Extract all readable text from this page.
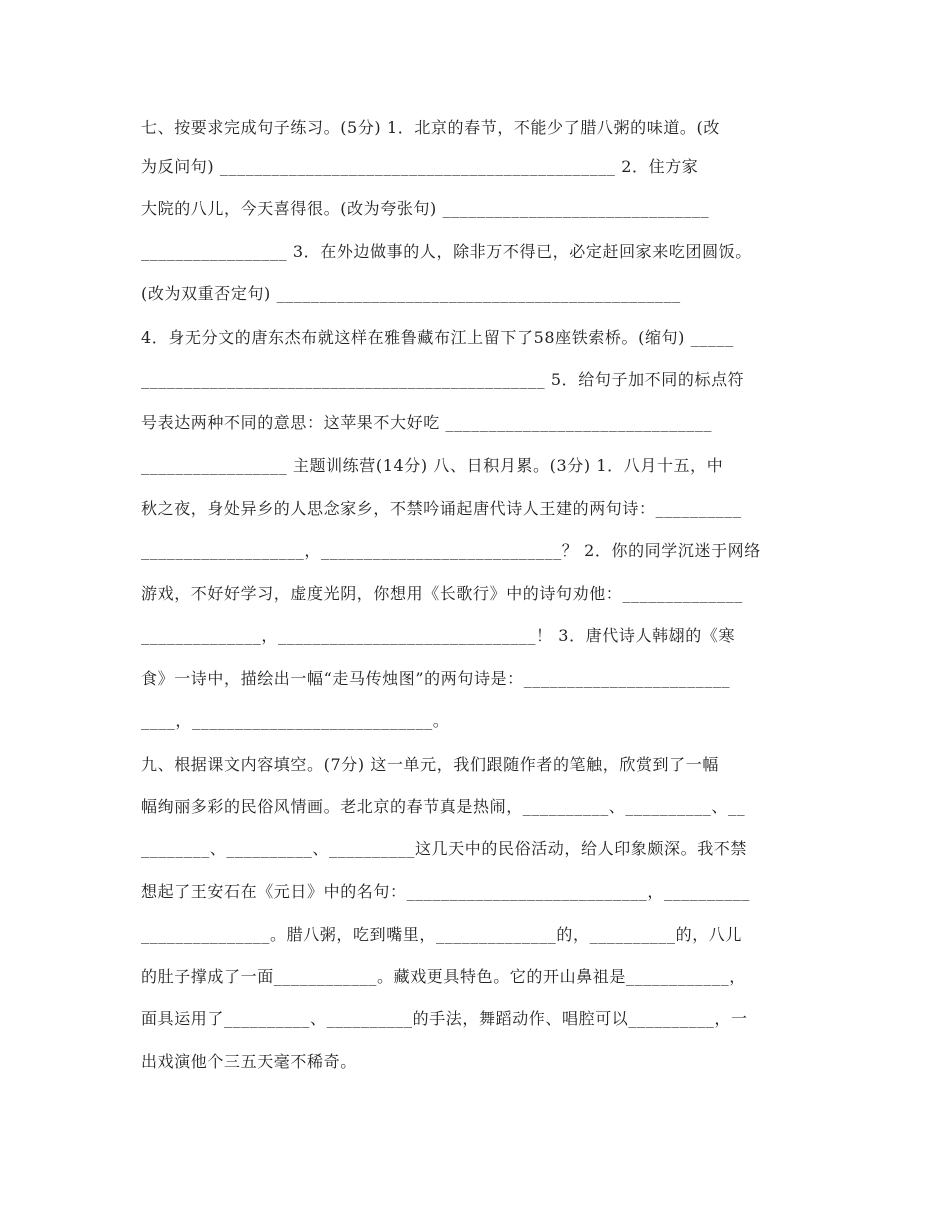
七、按要求完成句子练习。(5分) 1．北京的春节，不能少了腊八粥的味道。(改
为反问句) ______________________________________________ 2．住方家
大院的八儿，今天喜得很。(改为夸张句) _______________________________
_________________ 3．在外边做事的人，除非万不得已，必定赶回家来吃团圆饭。
(改为双重否定句) _______________________________________________
4．身无分文的唐东杰布就这样在雅鲁藏布江上留下了58座铁索桥。(缩句) _____
_______________________________________________ 5．给句子加不同的标点符
号表达两种不同的意思：这苹果不大好吃 _______________________________
_________________ 主题训练营(14分) 八、日积月累。(3分) 1．八月十五，中
秋之夜，身处异乡的人思念家乡，不禁吟诵起唐代诗人王建的两句诗：__________
___________________，____________________________？ 2．你的同学沉迷于网络
游戏，不好好学习，虚度光阴，你想用《长歌行》中的诗句劝他：______________
______________，______________________________！ 3．唐代诗人韩翃的《寒
食》一诗中，描绘出一幅“走马传烛图”的两句诗是：________________________
____，____________________________。
九、根据课文内容填空。(7分) 这一单元，我们跟随作者的笔触，欣赏到了一幅
幅绚丽多彩的民俗风情画。老北京的春节真是热闹，__________、__________、__
________、__________、__________这几天中的民俗活动，给人印象颇深。我不禁
想起了王安石在《元日》中的名句：____________________________，__________
_______________。腊八粥，吃到嘴里，______________的，__________的，八儿
的肚子撑成了一面____________。藏戏更具特色。它的开山鼻祖是____________，
面具运用了__________、__________的手法，舞蹈动作、唱腔可以__________，一
出戏演他个三五天毫不稀奇。
